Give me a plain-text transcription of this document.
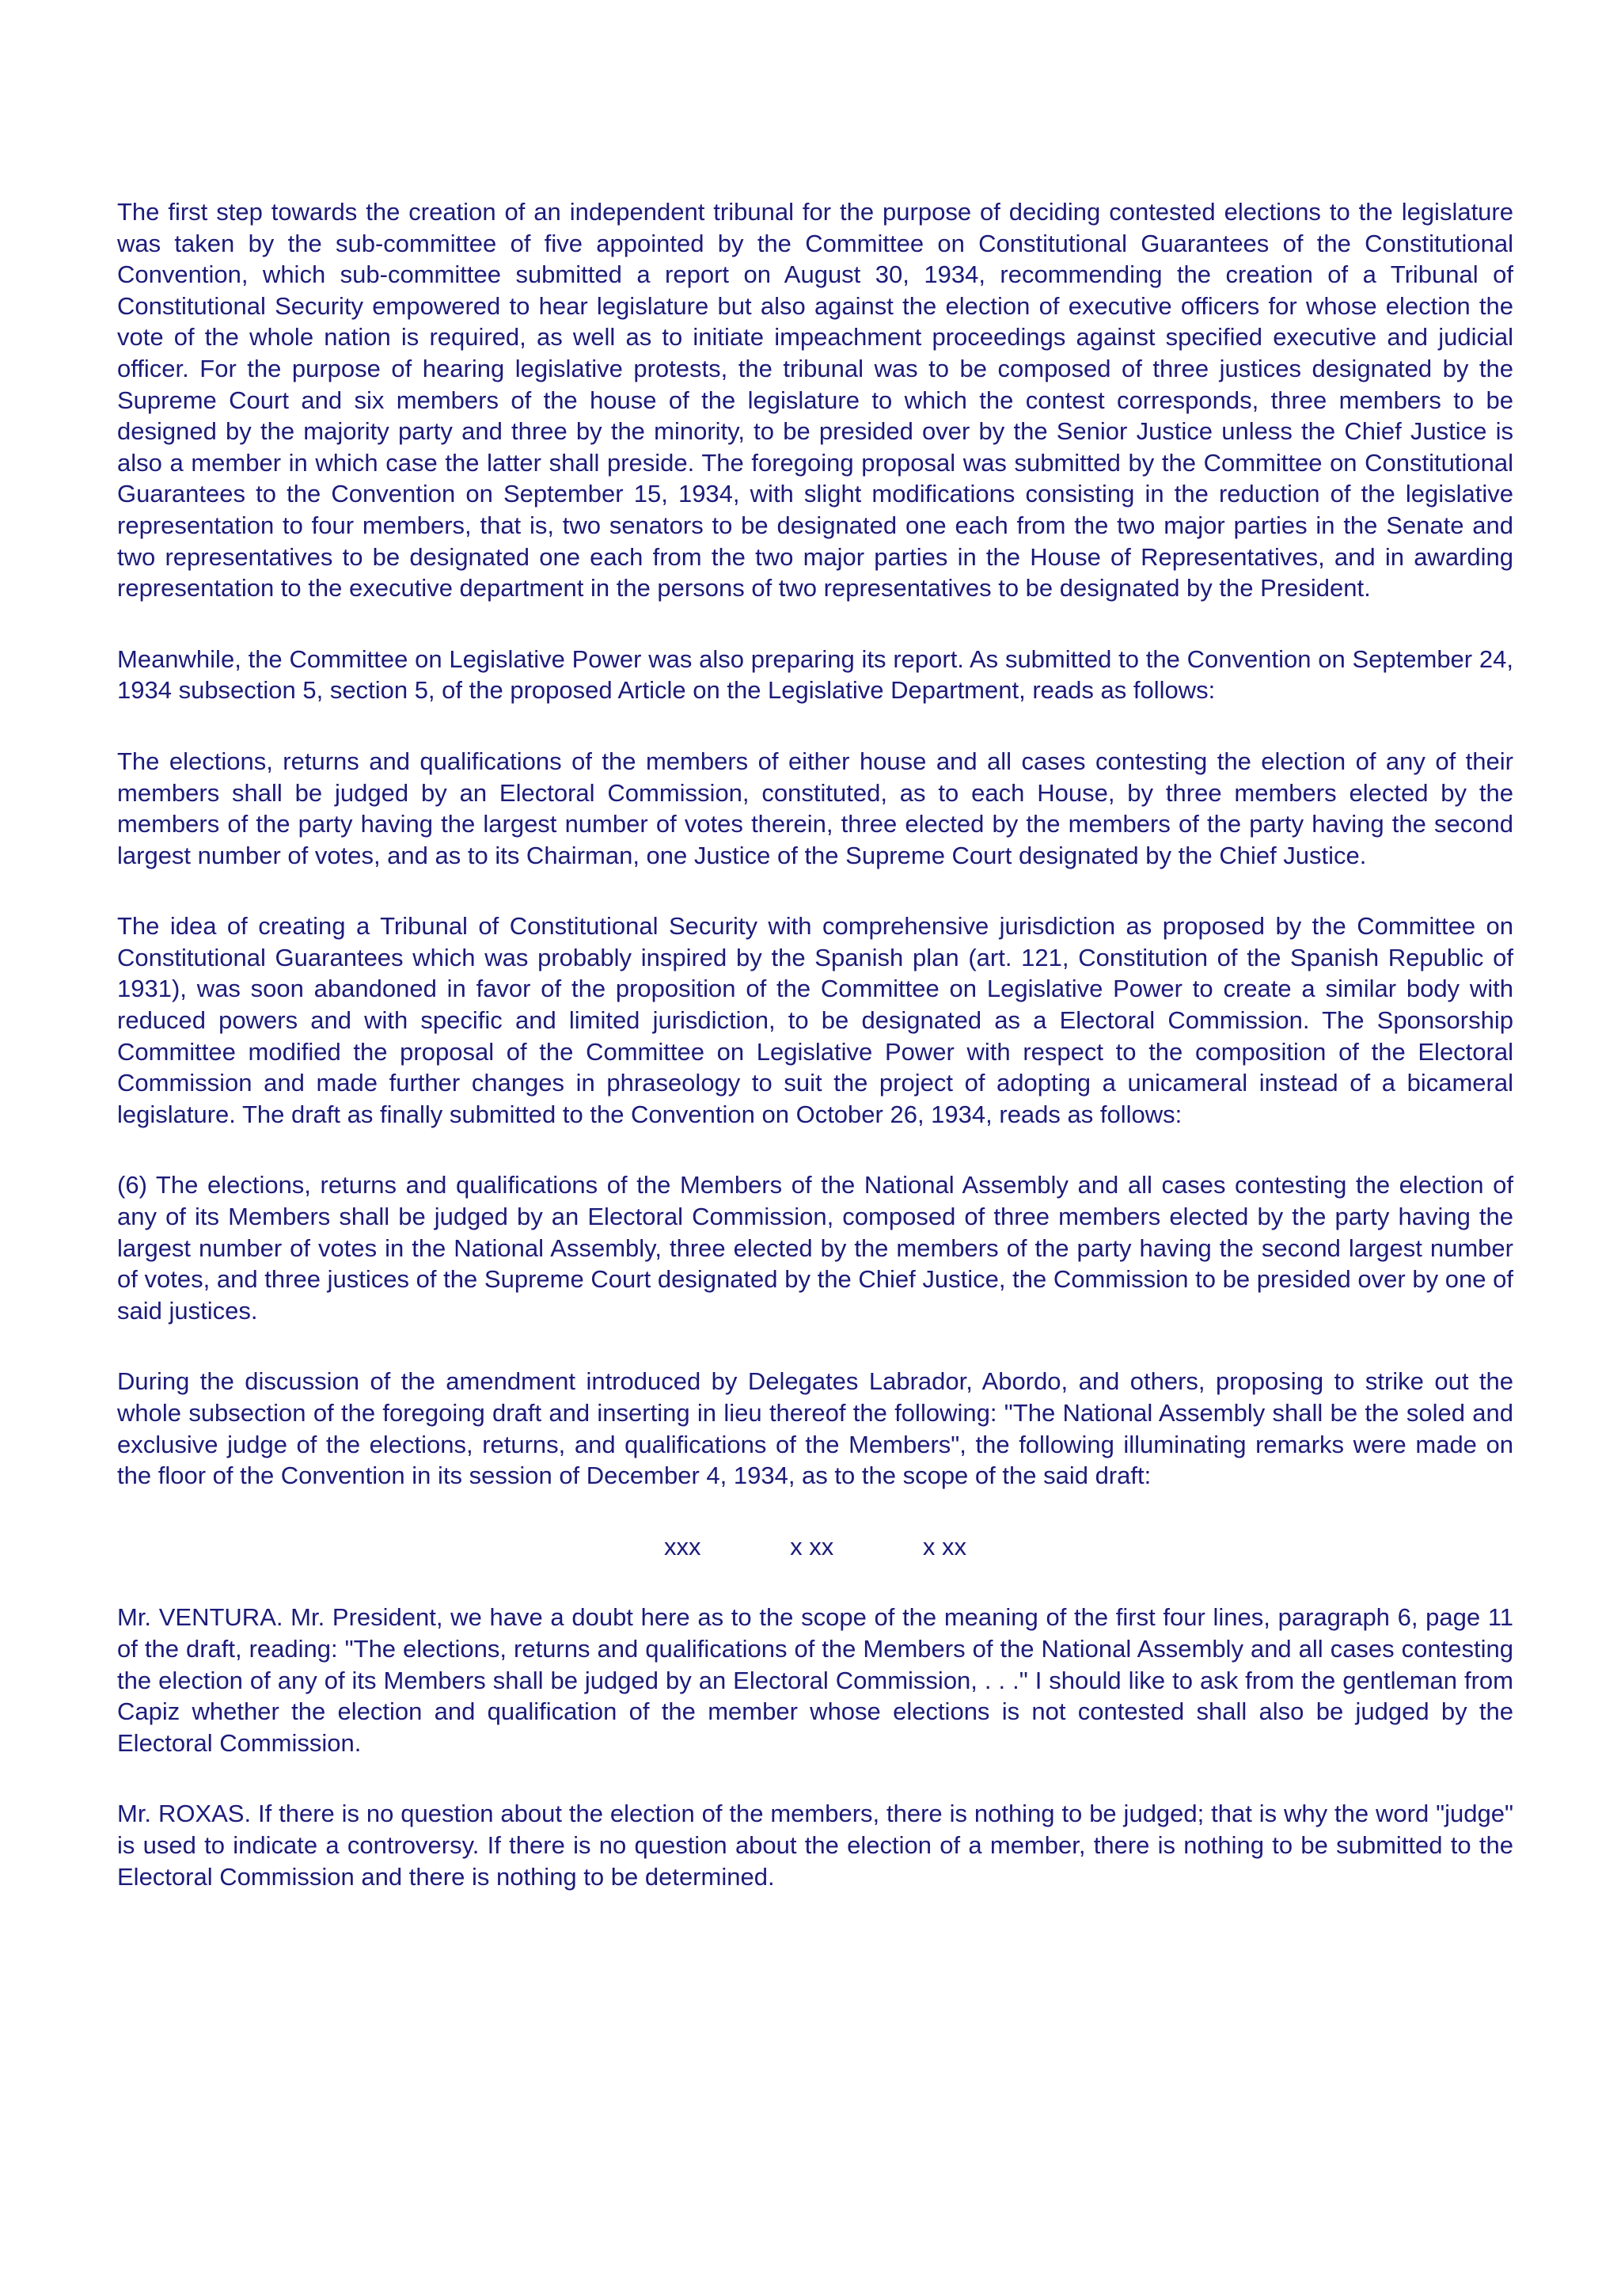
The first step towards the creation of an independent tribunal for the purpose of deciding contested elections to the legislature was taken by the sub-committee of five appointed by the Committee on Constitutional Guarantees of the Constitutional Convention, which sub-committee submitted a report on August 30, 1934, recommending the creation of a Tribunal of Constitutional Security empowered to hear legislature but also against the election of executive officers for whose election the vote of the whole nation is required, as well as to initiate impeachment proceedings against specified executive and judicial officer. For the purpose of hearing legislative protests, the tribunal was to be composed of three justices designated by the Supreme Court and six members of the house of the legislature to which the contest corresponds, three members to be designed by the majority party and three by the minority, to be presided over by the Senior Justice unless the Chief Justice is also a member in which case the latter shall preside. The foregoing proposal was submitted by the Committee on Constitutional Guarantees to the Convention on September 15, 1934, with slight modifications consisting in the reduction of the legislative representation to four members, that is, two senators to be designated one each from the two major parties in the Senate and two representatives to be designated one each from the two major parties in the House of Representatives, and in awarding representation to the executive department in the persons of two representatives to be designated by the President.

Meanwhile, the Committee on Legislative Power was also preparing its report. As submitted to the Convention on September 24, 1934 subsection 5, section 5, of the proposed Article on the Legislative Department, reads as follows:

The elections, returns and qualifications of the members of either house and all cases contesting the election of any of their members shall be judged by an Electoral Commission, constituted, as to each House, by three members elected by the members of the party having the largest number of votes therein, three elected by the members of the party having the second largest number of votes, and as to its Chairman, one Justice of the Supreme Court designated by the Chief Justice.

The idea of creating a Tribunal of Constitutional Security with comprehensive jurisdiction as proposed by the Committee on Constitutional Guarantees which was probably inspired by the Spanish plan (art. 121, Constitution of the Spanish Republic of 1931), was soon abandoned in favor of the proposition of the Committee on Legislative Power to create a similar body with reduced powers and with specific and limited jurisdiction, to be designated as a Electoral Commission. The Sponsorship Committee modified the proposal of the Committee on Legislative Power with respect to the composition of the Electoral Commission and made further changes in phraseology to suit the project of adopting a unicameral instead of a bicameral legislature. The draft as finally submitted to the Convention on October 26, 1934, reads as follows:

(6) The elections, returns and qualifications of the Members of the National Assembly and all cases contesting the election of any of its Members shall be judged by an Electoral Commission, composed of three members elected by the party having the largest number of votes in the National Assembly, three elected by the members of the party having the second largest number of votes, and three justices of the Supreme Court designated by the Chief Justice, the Commission to be presided over by one of said justices.

During the discussion of the amendment introduced by Delegates Labrador, Abordo, and others, proposing to strike out the whole subsection of the foregoing draft and inserting in lieu thereof the following: "The National Assembly shall be the soled and exclusive judge of the elections, returns, and qualifications of the Members", the following illuminating remarks were made on the floor of the Convention in its session of December 4, 1934, as to the scope of the said draft:

xxx	x xx	x xx

Mr. VENTURA. Mr. President, we have a doubt here as to the scope of the meaning of the first four lines, paragraph 6, page 11 of the draft, reading: "The elections, returns and qualifications of the Members of the National Assembly and all cases contesting the election of any of its Members shall be judged by an Electoral Commission, . . ." I should like to ask from the gentleman from Capiz whether the election and qualification of the member whose elections is not contested shall also be judged by the Electoral Commission.

Mr. ROXAS. If there is no question about the election of the members, there is nothing to be judged; that is why the word "judge" is used to indicate a controversy. If there is no question about the election of a member, there is nothing to be submitted to the Electoral Commission and there is nothing to be determined.
